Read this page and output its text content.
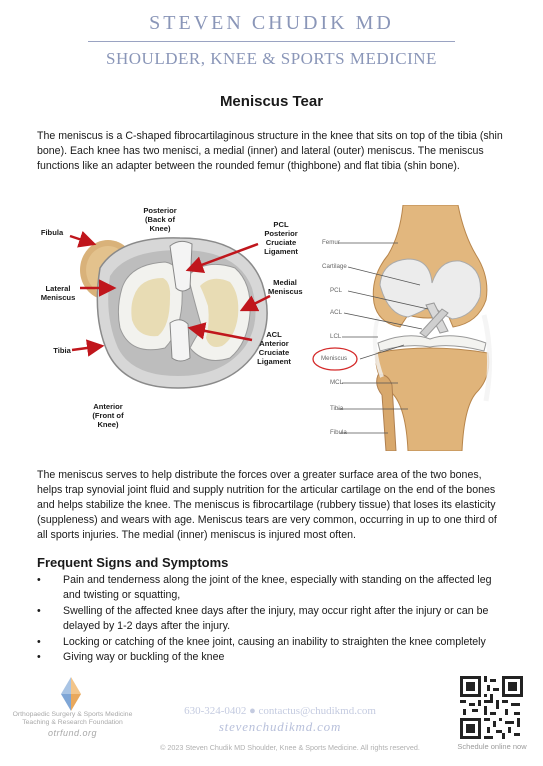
STEVEN CHUDIK MD
SHOULDER, KNEE & SPORTS MEDICINE
Meniscus Tear

The meniscus is a C-shaped fibrocartilaginous structure in the knee that sits on top of the tibia (shin bone). Each knee has two menisci, a medial (inner) and lateral (outer) meniscus. The meniscus functions like an adapter between the rounded femur (thighbone) and flat tibia (shin bone).

Fibula
Posterior (Back of Knee)	PCL Posterior Cruciate Ligament
Lateral Meniscus
Medial Meniscus
Tibia
ACL Anterior Cruciate Ligament
Anterior (Front of Knee)
Femur
Cartilage
PCL
ACL
LCL
Meniscus
MCL
Tibia
Fibula

The meniscus serves to help distribute the forces over a greater surface area of the two bones, helps trap synovial joint fluid and supply nutrition for the articular cartilage on the end of the bones and helps stabilize the knee. The meniscus is fibrocartilage (rubbery tissue) that loses its elasticity (suppleness) and wears with age. Meniscus tears are very common, occurring in up to one third of all sports injuries. The medial (inner) meniscus is injured most often.

Frequent Signs and Symptoms
• Pain and tenderness along the joint of the knee, especially with standing on the affected leg and twisting or squatting,
• Swelling of the affected knee days after the injury, may occur right after the injury or can be delayed by 1-2 days after the injury.
• Locking or catching of the knee joint, causing an inability to straighten the knee completely
• Giving way or buckling of the knee
Orthopaedic Surgery & Sports Medicine Teaching & Research Foundation
otrfund.org
630-324-0402 ● contactus@chudikmd.com
stevenchudikmd.com
© 2023 Steven Chudik MD Shoulder, Knee & Sports Medicine. All rights reserved.	Schedule online now
